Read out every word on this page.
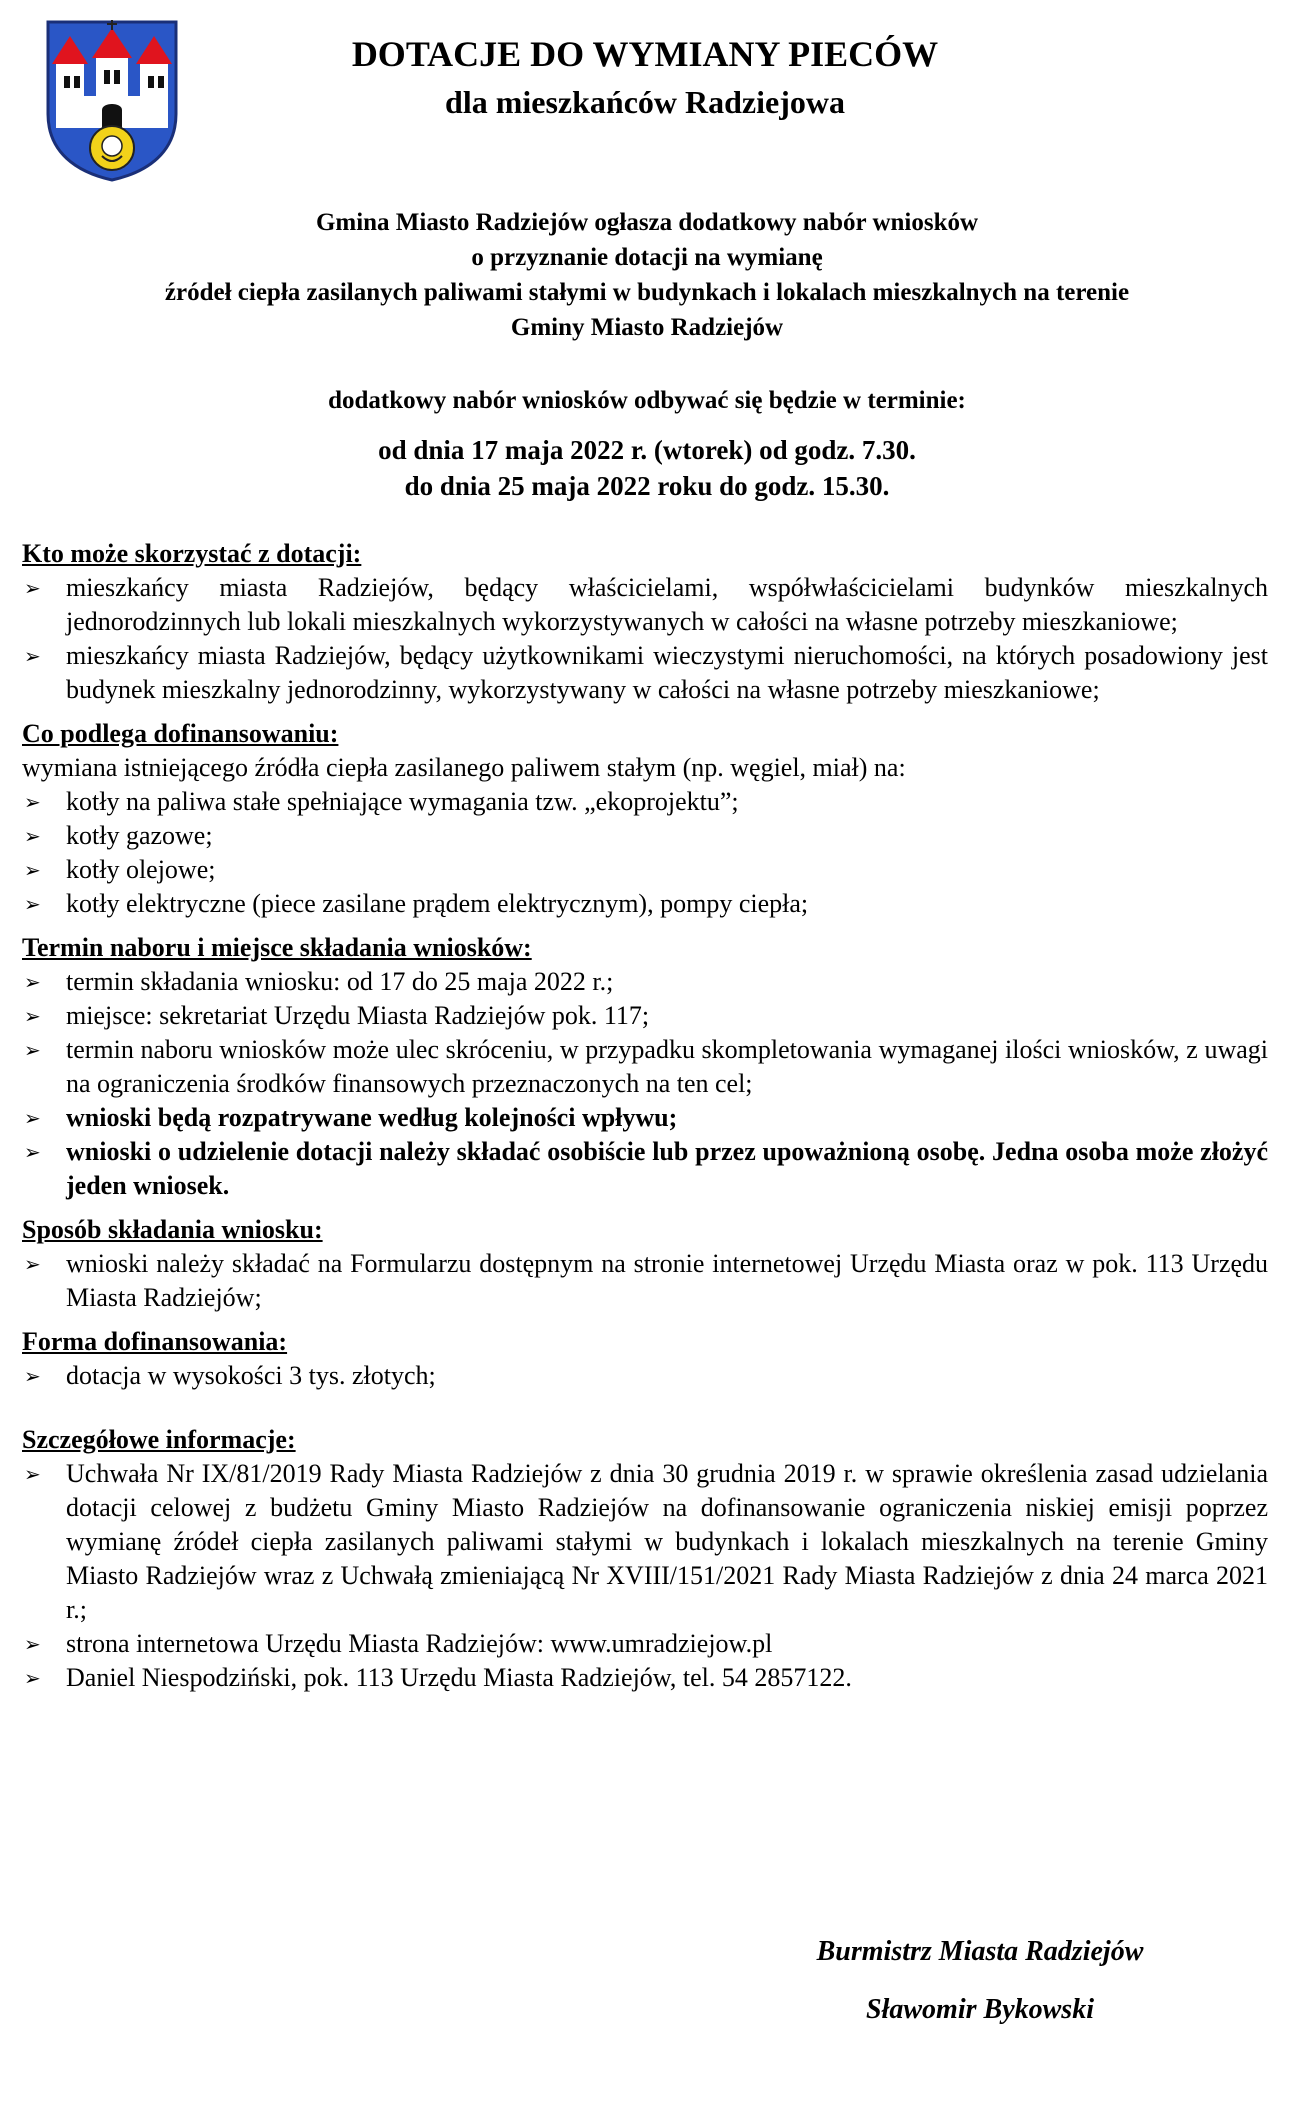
DOTACJE DO WYMIANY PIECÓW
dla mieszkańców Radziejowa
Gmina Miasto Radziejów ogłasza dodatkowy nabór wniosków
o przyznanie dotacji na wymianę
źródeł ciepła zasilanych paliwami stałymi w budynkach i lokalach mieszkalnych na terenie
Gminy Miasto Radziejów
dodatkowy nabór wniosków odbywać się będzie w terminie:
od dnia 17 maja 2022 r. (wtorek) od godz. 7.30.
do dnia 25 maja 2022 roku do godz. 15.30.
Kto może skorzystać z dotacji:
➢ mieszkańcy miasta Radziejów, będący właścicielami, współwłaścicielami budynków mieszkalnych jednorodzinnych lub lokali mieszkalnych wykorzystywanych w całości na własne potrzeby mieszkaniowe;
➢ mieszkańcy miasta Radziejów, będący użytkownikami wieczystymi nieruchomości, na których posadowiony jest budynek mieszkalny jednorodzinny, wykorzystywany w całości na własne potrzeby mieszkaniowe;
Co podlega dofinansowaniu:
wymiana istniejącego źródła ciepła zasilanego paliwem stałym (np. węgiel, miał) na:
➢ kotły na paliwa stałe spełniające wymagania tzw. „ekoprojektu”;
➢ kotły gazowe;
➢ kotły olejowe;
➢ kotły elektryczne (piece zasilane prądem elektrycznym), pompy ciepła;
Termin naboru i miejsce składania wniosków:
➢ termin składania wniosku: od 17 do 25 maja 2022 r.;
➢ miejsce: sekretariat Urzędu Miasta Radziejów pok. 117;
➢ termin naboru wniosków może ulec skróceniu, w przypadku skompletowania wymaganej ilości wniosków, z uwagi na ograniczenia środków finansowych przeznaczonych na ten cel;
➢ wnioski będą rozpatrywane według kolejności wpływu;
➢ wnioski o udzielenie dotacji należy składać osobiście lub przez upoważnioną osobę. Jedna osoba może złożyć jeden wniosek.
Sposób składania wniosku:
➢ wnioski należy składać na Formularzu dostępnym na stronie internetowej Urzędu Miasta oraz w pok. 113 Urzędu Miasta Radziejów;
Forma dofinansowania:
➢ dotacja w wysokości 3 tys. złotych;
Szczegółowe informacje:
➢ Uchwała Nr IX/81/2019 Rady Miasta Radziejów z dnia 30 grudnia 2019 r. w sprawie określenia zasad udzielania dotacji celowej z budżetu Gminy Miasto Radziejów na dofinansowanie ograniczenia niskiej emisji poprzez wymianę źródeł ciepła zasilanych paliwami stałymi w budynkach i lokalach mieszkalnych na terenie Gminy Miasto Radziejów wraz z Uchwałą zmieniającą Nr XVIII/151/2021 Rady Miasta Radziejów z dnia 24 marca 2021 r.;
➢ strona internetowa Urzędu Miasta Radziejów: www.umradziejow.pl
➢ Daniel Niespodziński, pok. 113 Urzędu Miasta Radziejów, tel. 54 2857122.
Burmistrz Miasta Radziejów
Sławomir Bykowski
